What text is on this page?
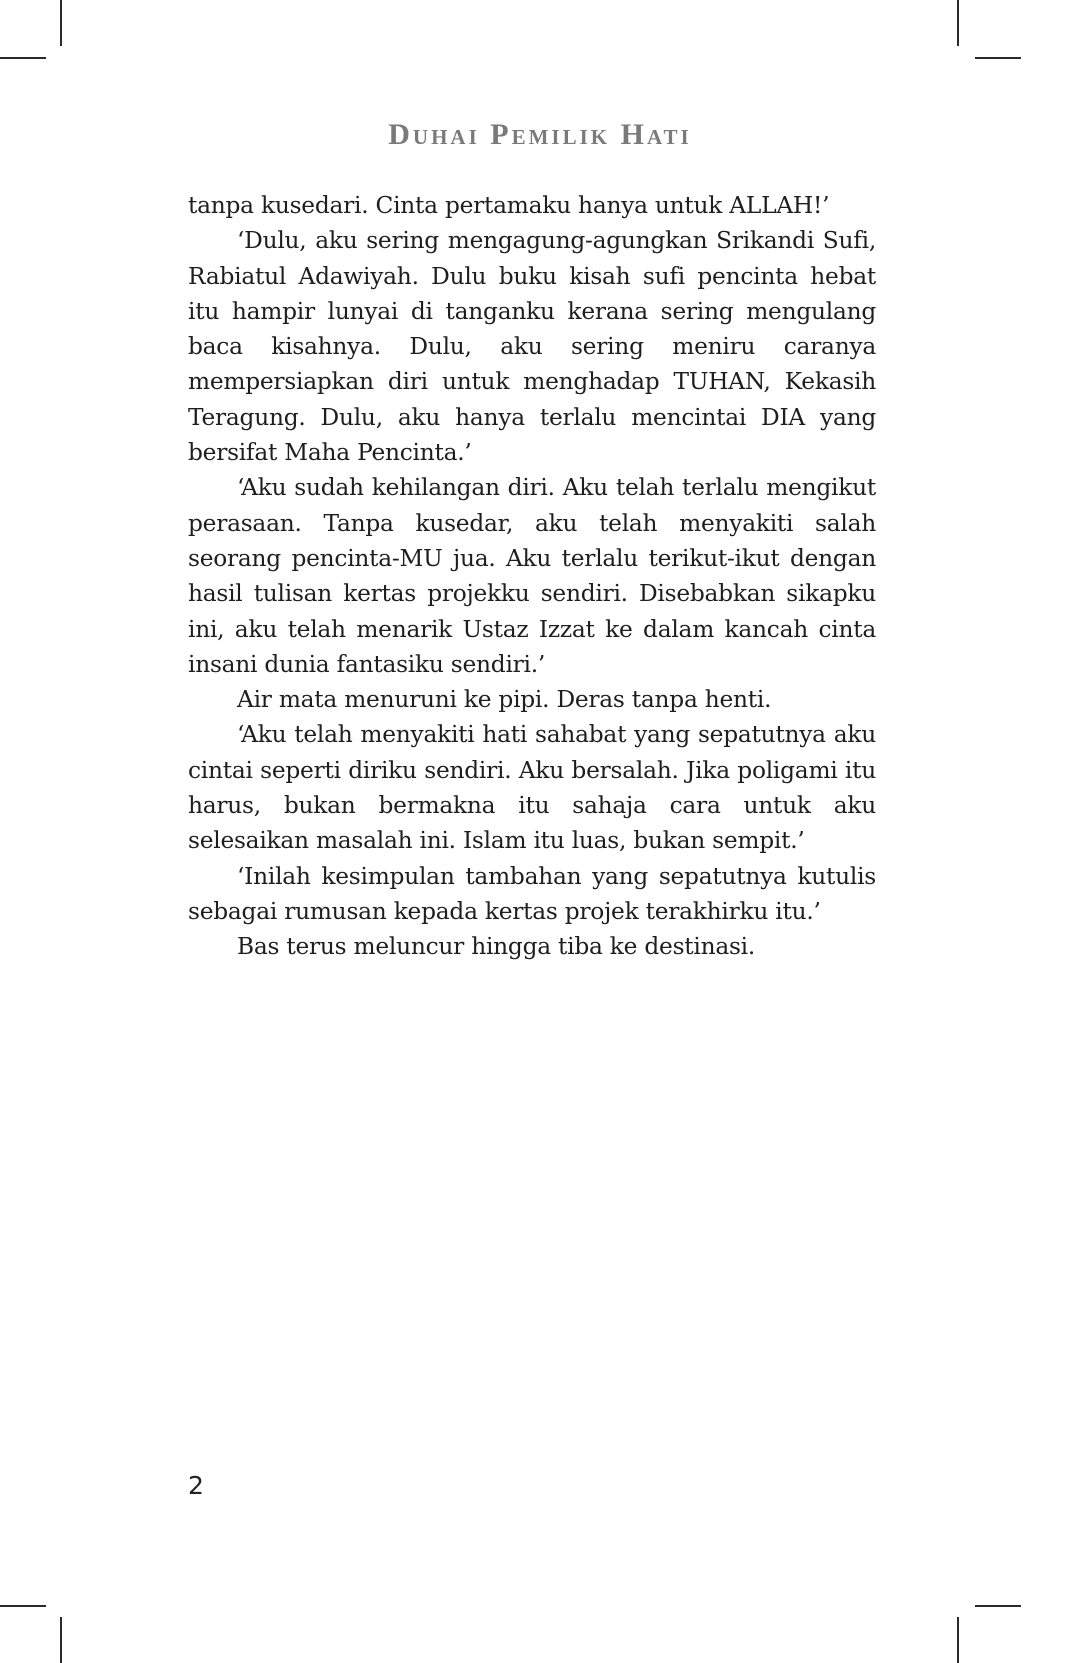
Duhai Pemilik Hati

tanpa kusedari. Cinta pertamaku hanya untuk ALLAH!’

‘Dulu, aku sering mengagung-agungkan Srikandi Sufi, Rabiatul Adawiyah. Dulu buku kisah sufi pencinta hebat itu hampir lunyai di tanganku kerana sering mengulang baca kisahnya. Dulu, aku sering meniru caranya mempersiapkan diri untuk menghadap TUHAN, Kekasih Teragung. Dulu, aku hanya terlalu mencintai DIA yang bersifat Maha Pencinta.’

‘Aku sudah kehilangan diri. Aku telah terlalu mengikut perasaan. Tanpa kusedar, aku telah menyakiti salah seorang pencinta-MU jua. Aku terlalu terikut-ikut dengan hasil tulisan kertas projekku sendiri. Disebabkan sikapku ini, aku telah menarik Ustaz Izzat ke dalam kancah cinta insani dunia fantasiku sendiri.’

Air mata menuruni ke pipi. Deras tanpa henti.

‘Aku telah menyakiti hati sahabat yang sepatutnya aku cintai seperti diriku sendiri. Aku bersalah. Jika poligami itu harus, bukan bermakna itu sahaja cara untuk aku selesaikan masalah ini. Islam itu luas, bukan sempit.’

‘Inilah kesimpulan tambahan yang sepatutnya kutulis sebagai rumusan kepada kertas projek terakhirku itu.’

Bas terus meluncur hingga tiba ke destinasi.

2
